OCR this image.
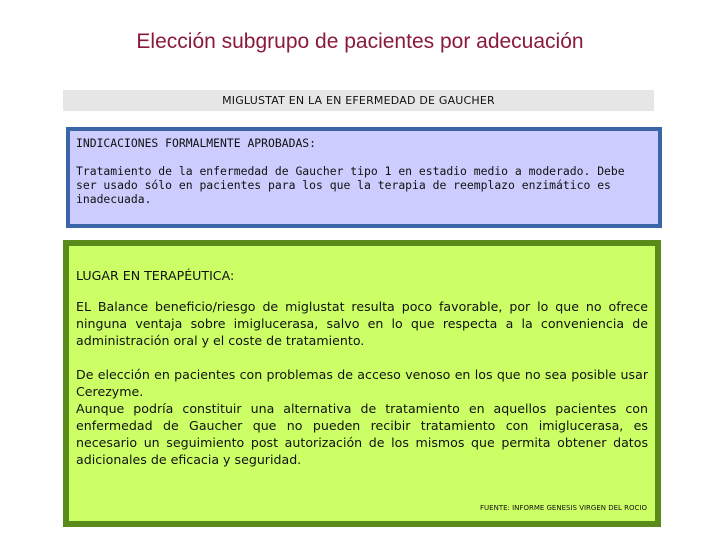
Elección subgrupo de pacientes por adecuación
MIGLUSTAT EN LA EN EFERMEDAD DE GAUCHER
INDICACIONES FORMALMENTE APROBADAS:
Tratamiento de la enfermedad de Gaucher tipo 1 en estadio medio a moderado. Debe ser usado sólo en pacientes para los que la terapia de reemplazo enzimático es inadecuada.
LUGAR EN TERAPÉUTICA:

EL Balance beneficio/riesgo de miglustat resulta poco favorable, por lo que no ofrece ninguna ventaja sobre imiglucerasa, salvo en lo que respecta a la conveniencia de administración oral y el coste de tratamiento.

De elección en pacientes con problemas de acceso venoso en los que no sea posible usar Cerezyme.

Aunque podría constituir una alternativa de tratamiento en aquellos pacientes con enfermedad de Gaucher que no pueden recibir tratamiento con imiglucerasa, es necesario un seguimiento post autorización de los mismos que permita obtener datos adicionales de eficacia y seguridad.

FUENTE: INFORME GENESIS VIRGEN DEL ROCIO
